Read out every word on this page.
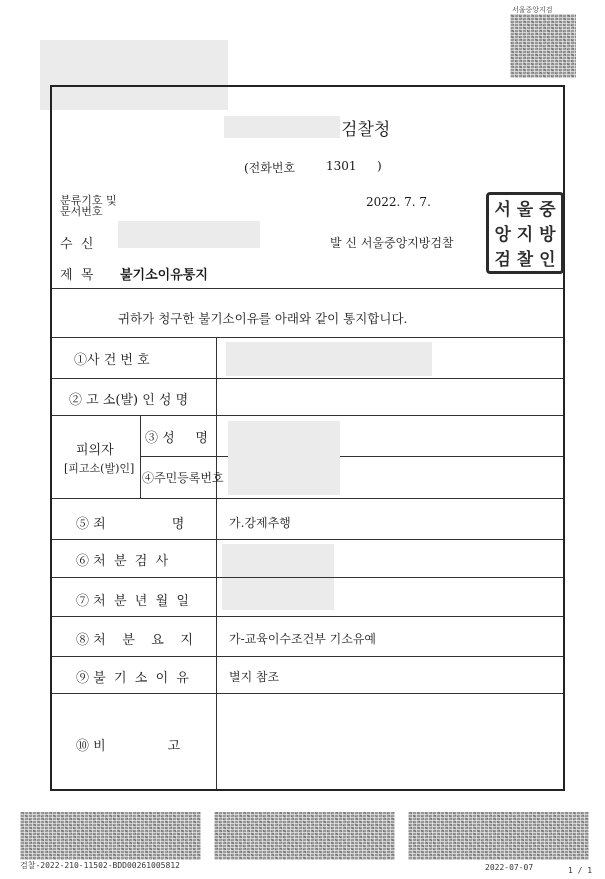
서울중앙지검
검찰청
(전화번호	1301 )
분류기호 및
문서번호
2022. 7. 7.
수  신	발 신 서울중앙지방검찰
서 울 중
앙 지 방
검 찰 인
제  목 불기소이유통지
귀하가 청구한 불기소이유를 아래와 같이 통지합니다.
①사 건 번 호
② 고 소(발) 인 성 명
피의자
[피고소(발)인]
③ 성     명
④주민등록번호
⑤ 죄                명	가.강제추행
⑥ 처  분  검  사
⑦ 처  분  년  월  일
⑧ 처    분    요    지	가-교육이수조건부 기소유예
⑨ 불  기  소  이  유	별지 참조
⑩ 비               고
검찰-2022-210-11502-BDD00261005812	2022-07-07	1 / 1
